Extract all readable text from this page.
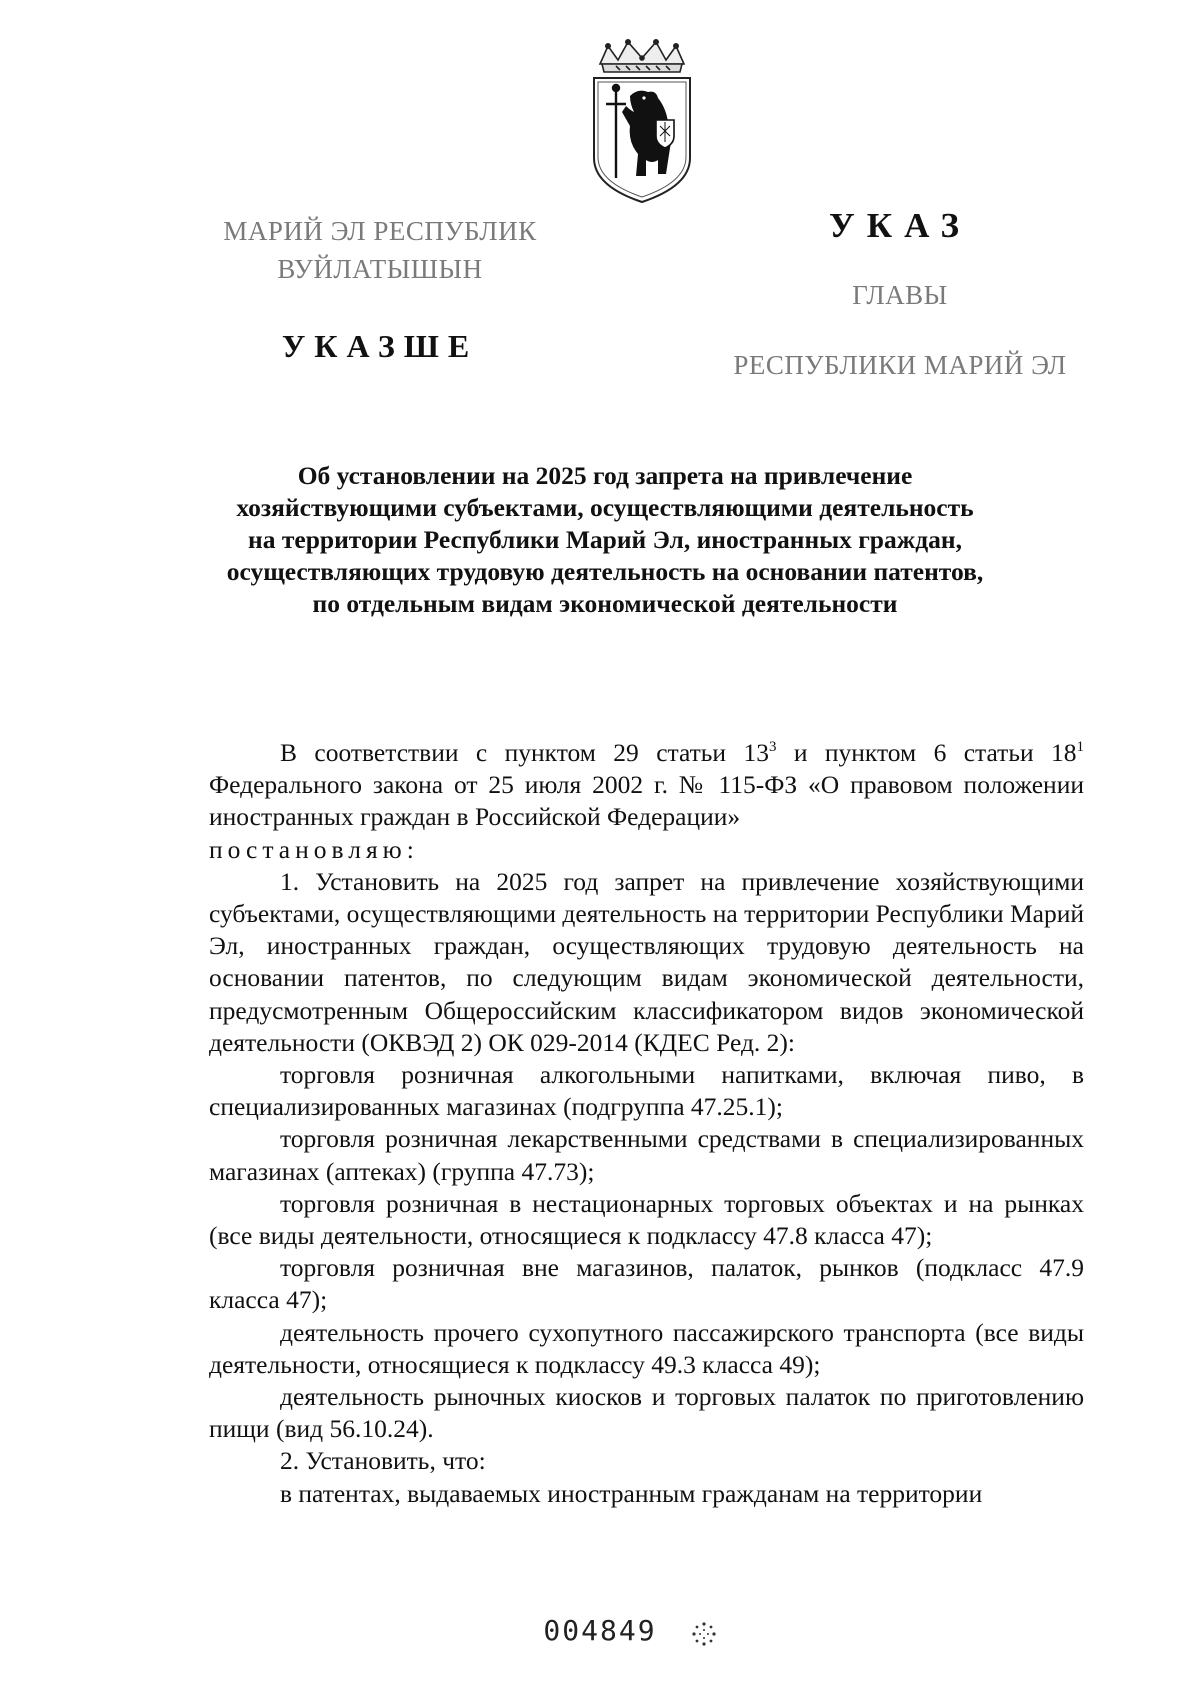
МАРИЙ ЭЛ РЕСПУБЛИК
ВУЙЛАТЫШЫН
УКАЗШЕ
УКАЗ
ГЛАВЫ
РЕСПУБЛИКИ МАРИЙ ЭЛ
Об установлении на 2025 год запрета на привлечение
хозяйствующими субъектами, осуществляющими деятельность
на территории Республики Марий Эл, иностранных граждан,
осуществляющих трудовую деятельность на основании патентов,
по отдельным видам экономической деятельности

В соответствии с пунктом 29 статьи $13^3$ и пунктом 6 статьи $18^1$ Федерального закона от 25 июля 2002 г. № 115-ФЗ «О правовом положении иностранных граждан в Российской Федерации»

постановляю:

1. Установить на 2025 год запрет на привлечение хозяйствующими субъектами, осуществляющими деятельность на территории Республики Марий Эл, иностранных граждан, осуществляющих трудовую деятельность на основании патентов, по следующим видам экономической деятельности, предусмотренным Общероссийским классификатором видов экономической деятельности (ОКВЭД 2) ОК 029-2014 (КДЕС Ред. 2):

торговля розничная алкогольными напитками, включая пиво, в специализированных магазинах (подгруппа 47.25.1);

торговля розничная лекарственными средствами в специализированных магазинах (аптеках) (группа 47.73);

торговля розничная в нестационарных торговых объектах и на рынках (все виды деятельности, относящиеся к подклассу 47.8 класса 47);

торговля розничная вне магазинов, палаток, рынков (подкласс 47.9 класса 47);

деятельность прочего сухопутного пассажирского транспорта (все виды деятельности, относящиеся к подклассу 49.3 класса 49);

деятельность рыночных киосков и торговых палаток по приготовлению пищи (вид 56.10.24).

2. Установить, что:

в патентах, выдаваемых иностранным гражданам на территории

004849
